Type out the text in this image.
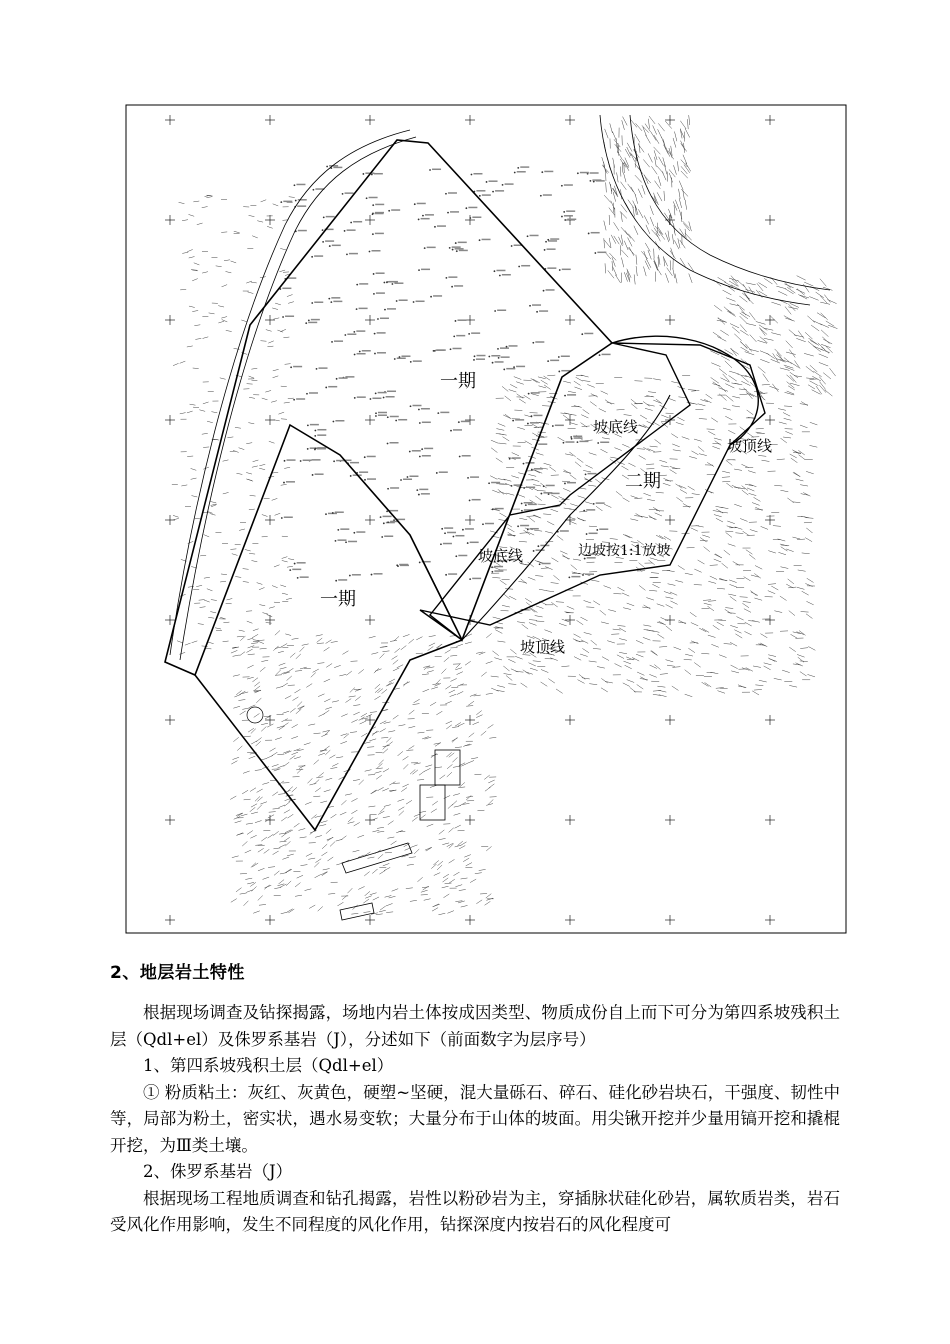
一期
一期
二期
坡底线
坡底线
坡顶线
坡顶线
边坡按1:1放坡
2、地层岩土特性

根据现场调查及钻探揭露，场地内岩土体按成因类型、物质成份自上而下可分为第四系坡残积土层（Qdl+el）及侏罗系基岩（J），分述如下（前面数字为层序号）

1、第四系坡残积土层（Qdl+el）

① 粉质粘土：灰红、灰黄色，硬塑~坚硬，混大量砾石、碎石、硅化砂岩块石，干强度、韧性中等，局部为粉土，密实状，遇水易变软；大量分布于山体的坡面。用尖锹开挖并少量用镐开挖和撬棍开挖，为Ⅲ类土壤。

2、侏罗系基岩（J）

根据现场工程地质调查和钻孔揭露，岩性以粉砂岩为主，穿插脉状硅化砂岩，属软质岩类，岩石受风化作用影响，发生不同程度的风化作用，钻探深度内按岩石的风化程度可
